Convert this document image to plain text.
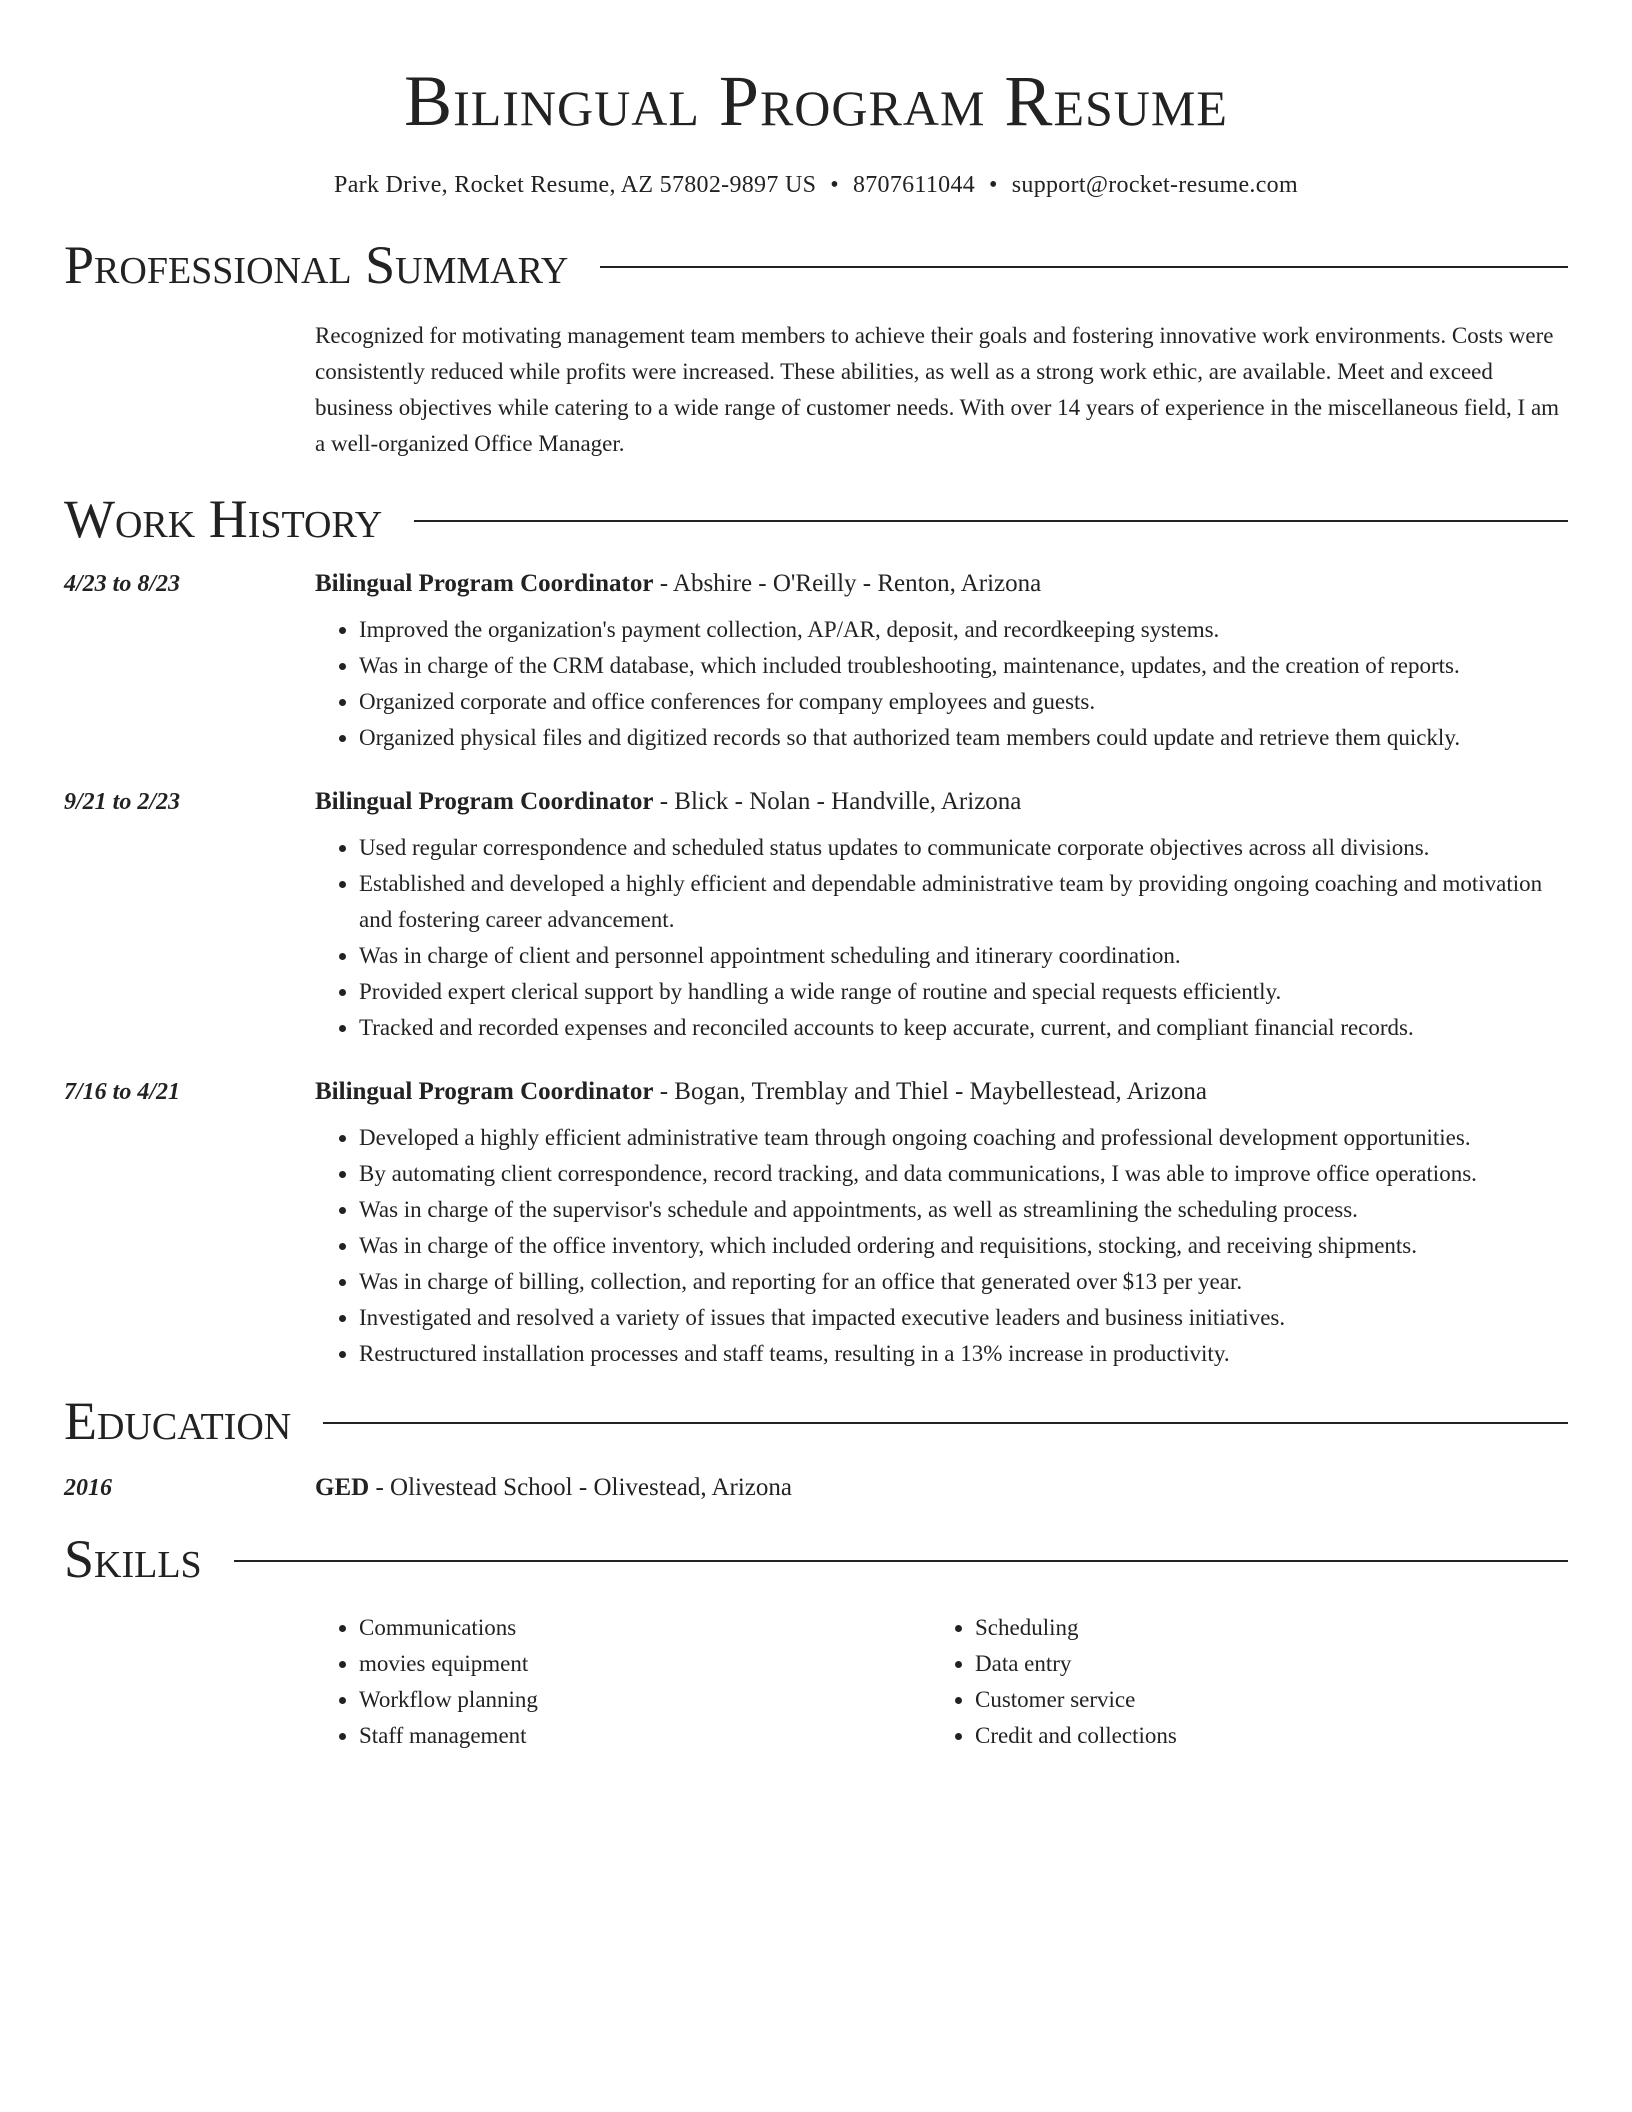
Bilingual Program Resume
Park Drive, Rocket Resume, AZ 57802-9897 US • 8707611044 • support@rocket-resume.com
Professional Summary
Recognized for motivating management team members to achieve their goals and fostering innovative work environments. Costs were consistently reduced while profits were increased. These abilities, as well as a strong work ethic, are available. Meet and exceed business objectives while catering to a wide range of customer needs. With over 14 years of experience in the miscellaneous field, I am a well-organized Office Manager.
Work History
4/23 to 8/23	Bilingual Program Coordinator - Abshire - O'Reilly - Renton, Arizona
• Improved the organization's payment collection, AP/AR, deposit, and recordkeeping systems.
• Was in charge of the CRM database, which included troubleshooting, maintenance, updates, and the creation of reports.
• Organized corporate and office conferences for company employees and guests.
• Organized physical files and digitized records so that authorized team members could update and retrieve them quickly.
9/21 to 2/23	Bilingual Program Coordinator - Blick - Nolan - Handville, Arizona
• Used regular correspondence and scheduled status updates to communicate corporate objectives across all divisions.
• Established and developed a highly efficient and dependable administrative team by providing ongoing coaching and motivation and fostering career advancement.
• Was in charge of client and personnel appointment scheduling and itinerary coordination.
• Provided expert clerical support by handling a wide range of routine and special requests efficiently.
• Tracked and recorded expenses and reconciled accounts to keep accurate, current, and compliant financial records.
7/16 to 4/21	Bilingual Program Coordinator - Bogan, Tremblay and Thiel - Maybellestead, Arizona
• Developed a highly efficient administrative team through ongoing coaching and professional development opportunities.
• By automating client correspondence, record tracking, and data communications, I was able to improve office operations.
• Was in charge of the supervisor's schedule and appointments, as well as streamlining the scheduling process.
• Was in charge of the office inventory, which included ordering and requisitions, stocking, and receiving shipments.
• Was in charge of billing, collection, and reporting for an office that generated over $13 per year.
• Investigated and resolved a variety of issues that impacted executive leaders and business initiatives.
• Restructured installation processes and staff teams, resulting in a 13% increase in productivity.
Education
2016	GED - Olivestead School - Olivestead, Arizona
Skills
• Communications
• movies equipment
• Workflow planning
• Staff management
• Scheduling
• Data entry
• Customer service
• Credit and collections
